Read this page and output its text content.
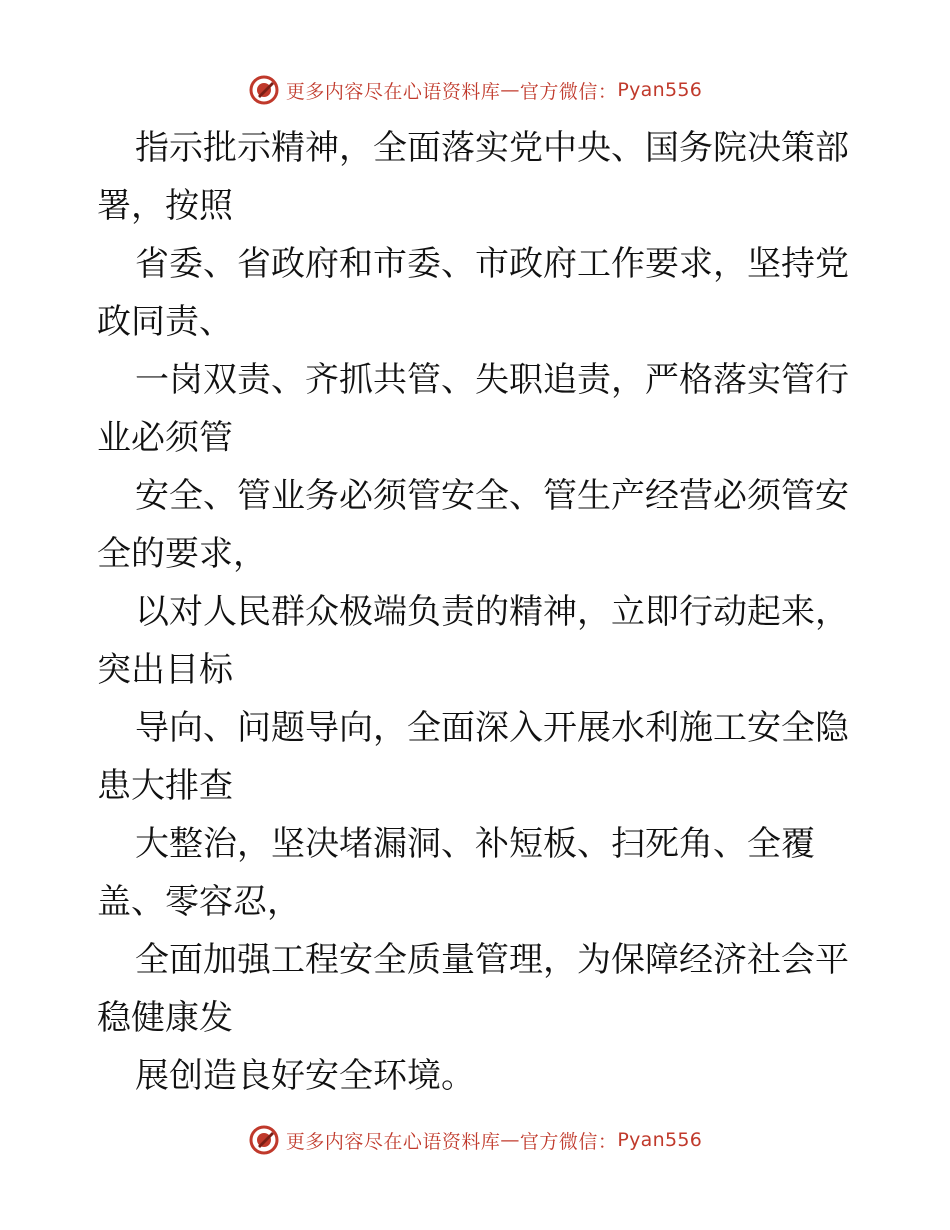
更多内容尽在心语资料库 — 官方微信： Pyan556

指示批示精神，全面落实党中央、国务院决策部
署，按照

省委、省政府和市委、市政府工作要求，坚持党
政同责、

一岗双责、齐抓共管、失职追责，严格落实管行
业必须管

安全、管业务必须管安全、管生产经营必须管安
全的要求，

以对人民群众极端负责的精神，立即行动起来，
突出目标

导向、问题导向，全面深入开展水利施工安全隐
患大排查

大整治，坚决堵漏洞、补短板、扫死角、全覆
盖、零容忍，

全面加强工程安全质量管理，为保障经济社会平
稳健康发

展创造良好安全环境。

更多内容尽在心语资料库 — 官方微信： Pyan556
